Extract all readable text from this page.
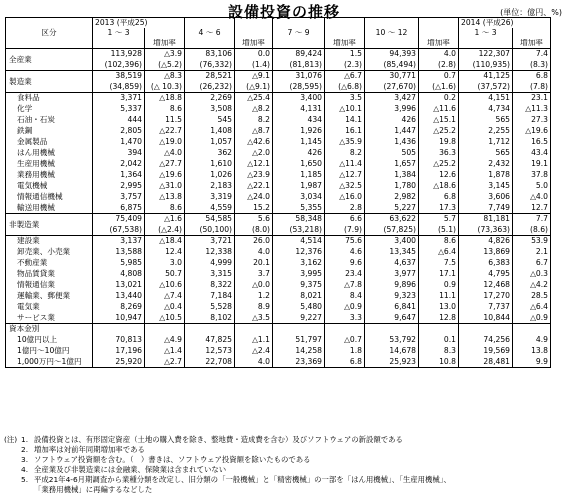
設備投資の推移	(単位：億円、%)
区分	2013 (平成25)								2014 (平成26)	
	1 ～ 3		4 ～ 6		7 ～ 9		10 ～ 12		1 ～ 3	
		増加率		増加率		増加率		増加率		増加率
全産業	113,928	△3.9	83,106	0.0	89,424	1.5	94,393	4.0	122,307	7.4
	(102,396)	(△5.2)	(76,332)	(1.4)	(81,813)	(2.3)	(85,494)	(2.8)	(110,935)	(8.3)
製造業	38,519	△8.3	28,521	△9.1	31,076	△6.7	30,771	0.7	41,125	6.8
	(34,859)	(△ 10.3)	(26,232)	(△9.1)	(28,595)	(△6.8)	(27,670)	(△1.6)	(37,572)	(7.8)
食料品	3,371	△18.8	2,269	△25.4	3,400	3.5	3,427	0.2	4,151	23.1
化学	5,337	8.6	3,508	△8.2	4,131	△10.1	3,996	△11.6	4,734	△11.3
石油・石炭	444	11.5	545	8.2	434	14.1	426	△15.1	565	27.3
鉄鋼	2,805	△22.7	1,408	△8.7	1,926	16.1	1,447	△25.2	2,255	△19.6
金属製品	1,470	△19.0	1,057	△42.6	1,145	△35.9	1,436	19.8	1,712	16.5
はん用機械	394	△4.0	362	△2.0	426	8.2	505	36.3	565	43.4
生産用機械	2,042	△27.7	1,610	△12.1	1,650	△11.4	1,657	△25.2	2,432	19.1
業務用機械	1,364	△19.6	1,026	△23.9	1,185	△12.7	1,384	12.6	1,878	37.8
電気機械	2,995	△31.0	2,183	△22.1	1,987	△32.5	1,780	△18.6	3,145	5.0
情報通信機械	3,757	△13.8	3,319	△24.0	3,034	△16.0	2,982	6.8	3,606	△4.0
輸送用機械	6,875	8.6	4,559	15.2	5,355	2.8	5,227	17.3	7,749	12.7
非製造業	75,409	△1.6	54,585	5.6	58,348	6.6	63,622	5.7	81,181	7.7
	(67,538)	(△2.4)	(50,100)	(8.0)	(53,218)	(7.9)	(57,825)	(5.1)	(73,363)	(8.6)
建設業	3,137	△18.4	3,721	26.0	4,514	75.6	3,400	8.6	4,826	53.9
卸売業、小売業	13,588	12.4	12,338	4.0	12,376	4.6	13,345	△6.4	13,869	2.1
不動産業	5,985	3.0	4,999	20.1	3,162	9.6	4,637	7.5	6,383	6.7
物品賃貸業	4,808	50.7	3,315	3.7	3,995	23.4	3,977	17.1	4,795	△0.3
情報通信業	13,021	△10.6	8,322	△0.0	9,375	△7.8	9,896	0.9	12,468	△4.2
運輸業、郵便業	13,440	△7.4	7,184	1.2	8,021	8.4	9,323	11.1	17,270	28.5
電気業	8,269	△0.4	5,528	8.9	5,480	△0.9	6,841	13.0	7,737	△6.4
サービス業	10,947	△10.5	8,102	△3.5	9,227	3.3	9,647	12.8	10,844	△0.9
資本金別										
10億円以上	70,813	△4.9	47,825	△1.1	51,797	△0.7	53,792	0.1	74,256	4.9
1億円～10億円	17,196	△1.4	12,573	△2.4	14,258	1.8	14,678	8.3	19,569	13.8
1,000万円～1億円	25,920	△2.7	22,708	4.0	23,369	6.8	25,923	10.8	28,481	9.9
(注) 1. 設備投資とは、有形固定資産（土地の購入費を除き、整地費・造成費を含む）及びソフトウェアの新設額である
2. 増加率は対前年同期増加率である
3. ソフトウェア投資額を含む。（　）書きは、ソフトウェア投資額を除いたものである
4. 全産業及び非製造業には金融業、保険業は含まれていない
5. 平成21年4-6月期調査から業種分類を改定し、旧分類の「一般機械」と「精密機械」の一部を「はん用機械」、「生産用機械」、
「業務用機械」に再編するなどした
